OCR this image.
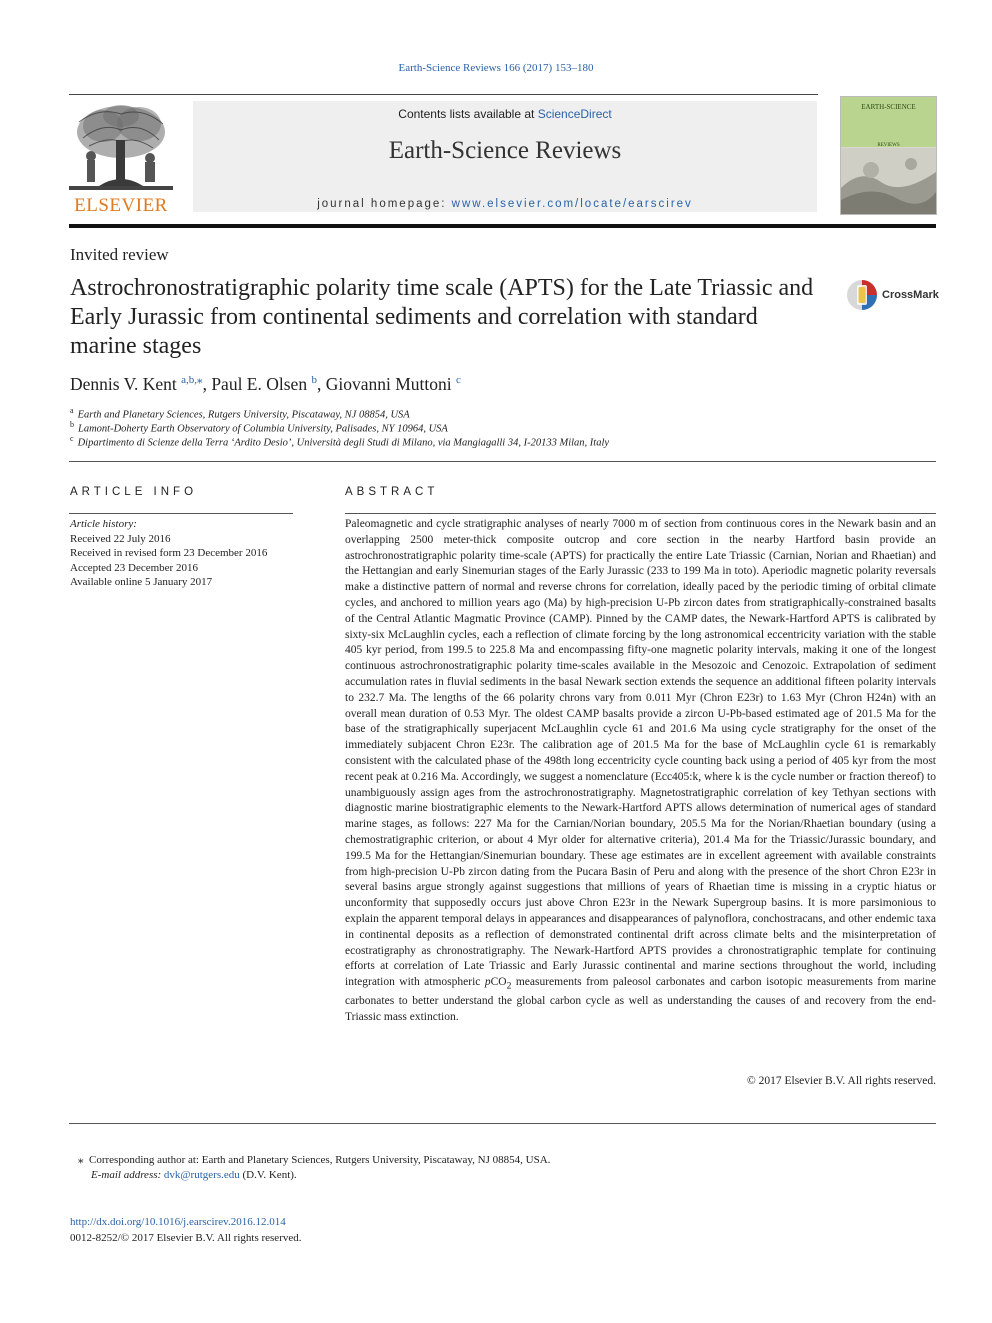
Earth-Science Reviews 166 (2017) 153–180
ELSEVIER
Contents lists available at ScienceDirect
Earth-Science Reviews
journal homepage: www.elsevier.com/locate/earscirev
EARTH-SCIENCE
REVIEWS
Invited review
Astrochronostratigraphic polarity time scale (APTS) for the Late Triassic and Early Jurassic from continental sediments and correlation with standard marine stages
CrossMark
Dennis V. Kent $^{a,b,⁎}$, Paul E. Olsen $^b$, Giovanni Muttoni $^c$
$^a$ Earth and Planetary Sciences, Rutgers University, Piscataway, NJ 08854, USA
$^b$ Lamont-Doherty Earth Observatory of Columbia University, Palisades, NY 10964, USA
$^c$ Dipartimento di Scienze della Terra ‘Ardito Desio’, Università degli Studi di Milano, via Mangiagalli 34, I-20133 Milan, Italy
ARTICLE INFO
Article history:
Received 22 July 2016
Received in revised form 23 December 2016
Accepted 23 December 2016
Available online 5 January 2017
ABSTRACT

Paleomagnetic and cycle stratigraphic analyses of nearly 7000 m of section from continuous cores in the Newark basin and an overlapping 2500 meter-thick composite outcrop and core section in the nearby Hartford basin provide an astrochronostratigraphic polarity time-scale (APTS) for practically the entire Late Triassic (Carnian, Norian and Rhaetian) and the Hettangian and early Sinemurian stages of the Early Jurassic (233 to 199 Ma in toto). Aperiodic magnetic polarity reversals make a distinctive pattern of normal and reverse chrons for correlation, ideally paced by the periodic timing of orbital climate cycles, and anchored to million years ago (Ma) by high-precision U-Pb zircon dates from stratigraphically-constrained basalts of the Central Atlantic Magmatic Province (CAMP). Pinned by the CAMP dates, the Newark-Hartford APTS is calibrated by sixty-six McLaughlin cycles, each a reflection of climate forcing by the long astronomical eccentricity variation with the stable 405 kyr period, from 199.5 to 225.8 Ma and encompassing fifty-one magnetic polarity intervals, making it one of the longest continuous astrochronostratigraphic polarity time-scales available in the Mesozoic and Cenozoic. Extrapolation of sediment accumulation rates in fluvial sediments in the basal Newark section extends the sequence an additional fifteen polarity intervals to 232.7 Ma. The lengths of the 66 polarity chrons vary from 0.011 Myr (Chron E23r) to 1.63 Myr (Chron H24n) with an overall mean duration of 0.53 Myr. The oldest CAMP basalts provide a zircon U-Pb-based estimated age of 201.5 Ma for the base of the stratigraphically superjacent McLaughlin cycle 61 and 201.6 Ma using cycle stratigraphy for the onset of the immediately subjacent Chron E23r. The calibration age of 201.5 Ma for the base of McLaughlin cycle 61 is remarkably consistent with the calculated phase of the 498th long eccentricity cycle counting back using a period of 405 kyr from the most recent peak at 0.216 Ma. Accordingly, we suggest a nomenclature (Ecc405:k, where k is the cycle number or fraction thereof) to unambiguously assign ages from the astrochronostratigraphy. Magnetostratigraphic correlation of key Tethyan sections with diagnostic marine biostratigraphic elements to the Newark-Hartford APTS allows determination of numerical ages of standard marine stages, as follows: 227 Ma for the Carnian/Norian boundary, 205.5 Ma for the Norian/Rhaetian boundary (using a chemostratigraphic criterion, or about 4 Myr older for alternative criteria), 201.4 Ma for the Triassic/Jurassic boundary, and 199.5 Ma for the Hettangian/Sinemurian boundary. These age estimates are in excellent agreement with available constraints from high-precision U-Pb zircon dating from the Pucara Basin of Peru and along with the presence of the short Chron E23r in several basins argue strongly against suggestions that millions of years of Rhaetian time is missing in a cryptic hiatus or unconformity that supposedly occurs just above Chron E23r in the Newark Supergroup basins. It is more parsimonious to explain the apparent temporal delays in appearances and disappearances of palynoflora, conchostracans, and other endemic taxa in continental deposits as a reflection of demonstrated continental drift across climate belts and the misinterpretation of ecostratigraphy as chronostratigraphy. The Newark-Hartford APTS provides a chronostratigraphic template for continuing efforts at correlation of Late Triassic and Early Jurassic continental and marine sections throughout the world, including integration with atmospheric pCO$_2$ measurements from paleosol carbonates and carbon isotopic measurements from marine carbonates to better understand the global carbon cycle as well as understanding the causes of and recovery from the end-Triassic mass extinction.

© 2017 Elsevier B.V. All rights reserved.
⁎ Corresponding author at: Earth and Planetary Sciences, Rutgers University, Piscataway, NJ 08854, USA.
E-mail address: dvk@rutgers.edu (D.V. Kent).
http://dx.doi.org/10.1016/j.earscirev.2016.12.014
0012-8252/© 2017 Elsevier B.V. All rights reserved.
